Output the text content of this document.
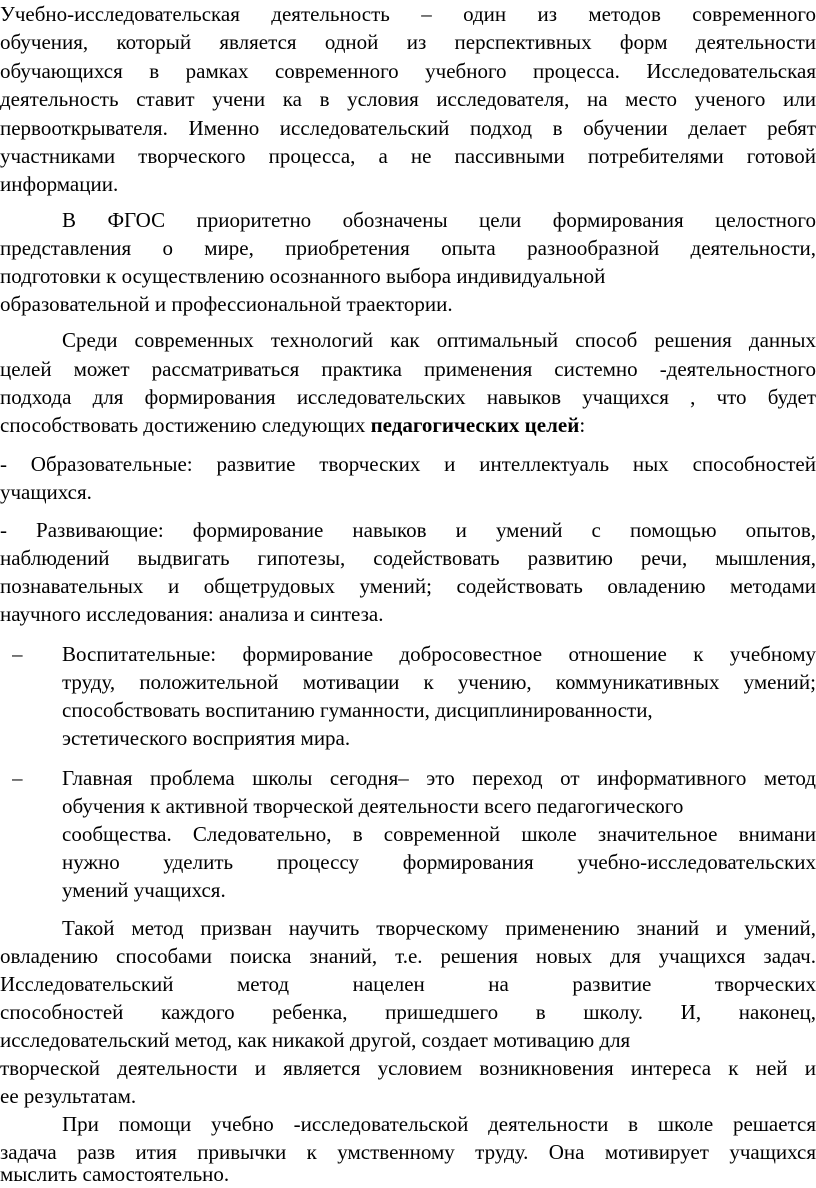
Учебно-исследовательская деятельность – один из методов современного
обучения, который является одной из перспективных форм деятельности
обучающихся в рамках современного учебного процесса. Исследовательская
деятельность ставит учени ка в условия исследователя, на место ученого или
первооткрывателя. Именно исследовательский подход в обучении делает ребят
участниками творческого процесса, а не пассивными потребителями готовой
информации.
В ФГОС приоритетно обозначены цели формирования целостного
представления о мире, приобретения опыта разнообразной деятельности,
подготовки к осуществлению осознанного выбора индивидуальной
образовательной и профессиональной траектории.
Среди современных технологий как оптимальный способ решения данных
целей может рассматриваться практика применения системно -деятельностного
подхода для формирования исследовательских навыков учащихся , что будет
способствовать достижению следующих педагогических целей:
- Образовательные: развитие творческих и интеллектуаль ных способностей
учащихся.
- Развивающие: формирование навыков и умений с помощью опытов,
наблюдений выдвигать гипотезы, содействовать развитию речи, мышления,
познавательных и общетрудовых умений; содействовать овладению методами
научного исследования: анализа и синтеза.
–	Воспитательные: формирование добросовестное отношение к учебному
труду, положительной мотивации к учению, коммуникативных умений;
способствовать воспитанию гуманности, дисциплинированности,
эстетического восприятия мира.
–	Главная проблема школы сегодня– это переход от информативного метод
обучения к активной творческой деятельности всего педагогического
сообщества. Следовательно, в современной школе значительное внимани
нужно уделить процессу формирования учебно-исследовательских
умений учащихся.
Такой метод призван научить творческому применению знаний и умений,
овладению способами поиска знаний, т.е. решения новых для учащихся задач.
Исследовательский метод нацелен на развитие творческих
способностей каждого ребенка, пришедшего в школу. И, наконец,
исследовательский метод, как никакой другой, создает мотивацию для
творческой деятельности и является условием возникновения интереса к ней и
ее результатам.
При помощи учебно -исследовательской деятельности в школе решается
задача разв ития привычки к умственному труду. Она мотивирует учащихся
мыслить самостоятельно.
